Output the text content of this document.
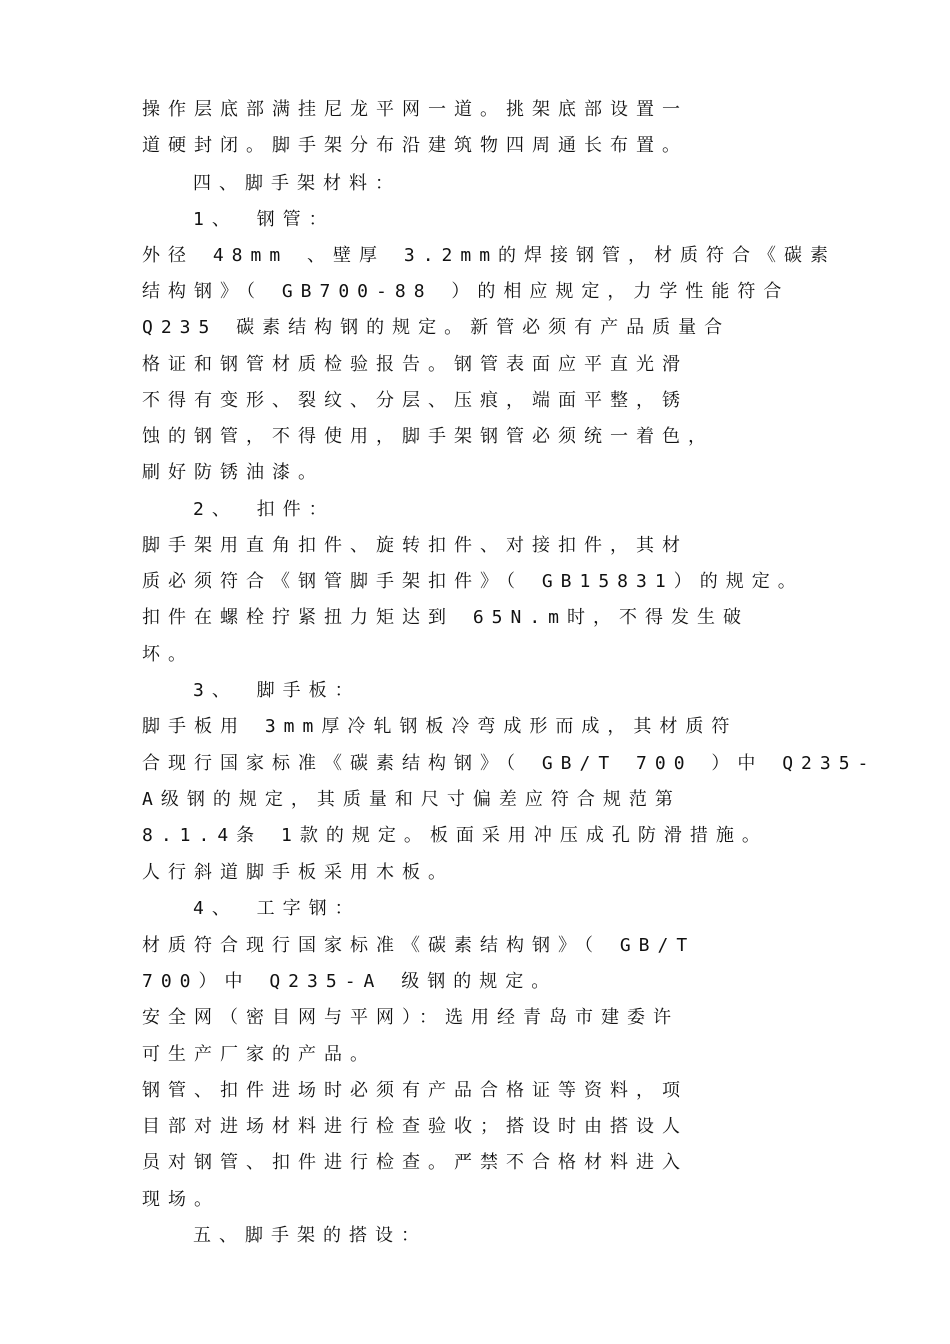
操作层底部满挂尼龙平网一道。挑架底部设置一
道硬封闭。脚手架分布沿建筑物四周通长布置。
四、脚手架材料：
1、 钢管：
外径 48mm 、壁厚 3.2mm的焊接钢管，材质符合《碳素
结构钢》（ GB700-88 ）的相应规定，力学性能符合
Q235 碳素结构钢的规定。新管必须有产品质量合
格证和钢管材质检验报告。钢管表面应平直光滑
不得有变形、裂纹、分层、压痕，端面平整，锈
蚀的钢管，不得使用，脚手架钢管必须统一着色，
刷好防锈油漆。
2、 扣件：
脚手架用直角扣件、旋转扣件、对接扣件，其材
质必须符合《钢管脚手架扣件》（ GB15831）的规定。
扣件在螺栓拧紧扭力矩达到 65N.m时，不得发生破
坏。
3、 脚手板：
脚手板用 3mm厚冷轧钢板冷弯成形而成，其材质符
合现行国家标准《碳素结构钢》（ GB/T 700 ）中 Q235-
A级钢的规定，其质量和尺寸偏差应符合规范第
8.1.4条 1款的规定。板面采用冲压成孔防滑措施。
人行斜道脚手板采用木板。
4、 工字钢：
材质符合现行国家标准《碳素结构钢》（ GB/T
700）中 Q235-A 级钢的规定。
安全网（密目网与平网）：选用经青岛市建委许
可生产厂家的产品。
钢管、扣件进场时必须有产品合格证等资料，项
目部对进场材料进行检查验收；搭设时由搭设人
员对钢管、扣件进行检查。严禁不合格材料进入
现场。
五、脚手架的搭设：
